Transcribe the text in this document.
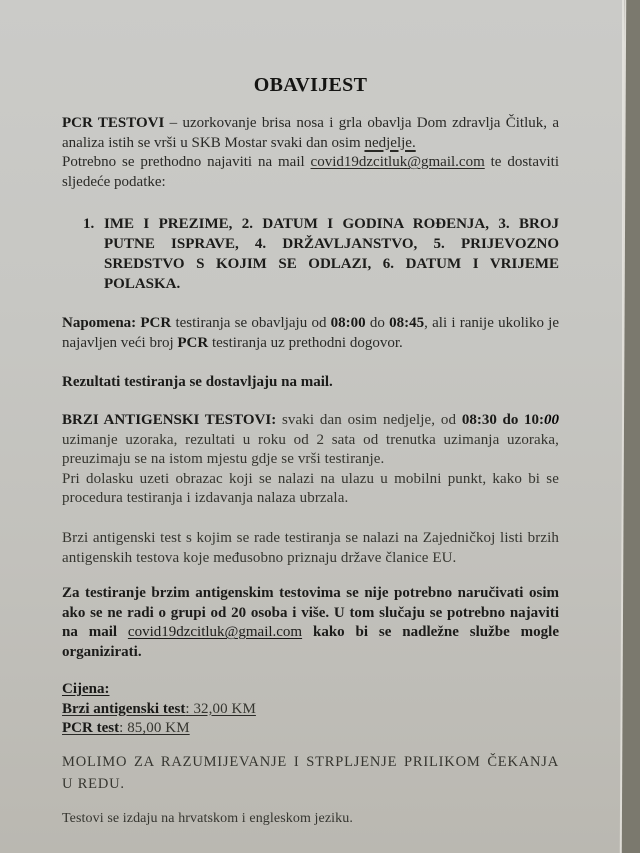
OBAVIJEST
PCR TESTOVI – uzorkovanje brisa nosa i grla obavlja Dom zdravlja Čitluk, a analiza istih se vrši u SKB Mostar svaki dan osim nedjelje.
Potrebno se prethodno najaviti na mail covid19dzcitluk@gmail.com te dostaviti sljedeće podatke:
1. IME I PREZIME, 2. DATUM I GODINA ROĐENJA, 3. BROJ PUTNE ISPRAVE, 4. DRŽAVLJANSTVO, 5. PRIJEVOZNO SREDSTVO S KOJIM SE ODLAZI, 6. DATUM I VRIJEME POLASKA.
Napomena: PCR testiranja se obavljaju od 08:00 do 08:45, ali i ranije ukoliko je najavljen veći broj PCR testiranja uz prethodni dogovor.
Rezultati testiranja se dostavljaju na mail.
BRZI ANTIGENSKI TESTOVI: svaki dan osim nedjelje, od 08:30 do 10:00 uzimanje uzoraka, rezultati u roku od 2 sata od trenutka uzimanja uzoraka, preuzimaju se na istom mjestu gdje se vrši testiranje.
Pri dolasku uzeti obrazac koji se nalazi na ulazu u mobilni punkt, kako bi se procedura testiranja i izdavanja nalaza ubrzala.
Brzi antigenski test s kojim se rade testiranja se nalazi na Zajedničkoj listi brzih antigenskih testova koje međusobno priznaju države članice EU.
Za testiranje brzim antigenskim testovima se nije potrebno naručivati osim ako se ne radi o grupi od 20 osoba i više. U tom slučaju se potrebno najaviti na mail covid19dzcitluk@gmail.com kako bi se nadležne službe mogle organizirati.
Cijena:
Brzi antigenski test: 32,00 KM
PCR test: 85,00 KM
MOLIMO ZA RAZUMIJEVANJE I STRPLJENJE PRILIKOM ČEKANJA U REDU.
Testovi se izdaju na hrvatskom i engleskom jeziku.
